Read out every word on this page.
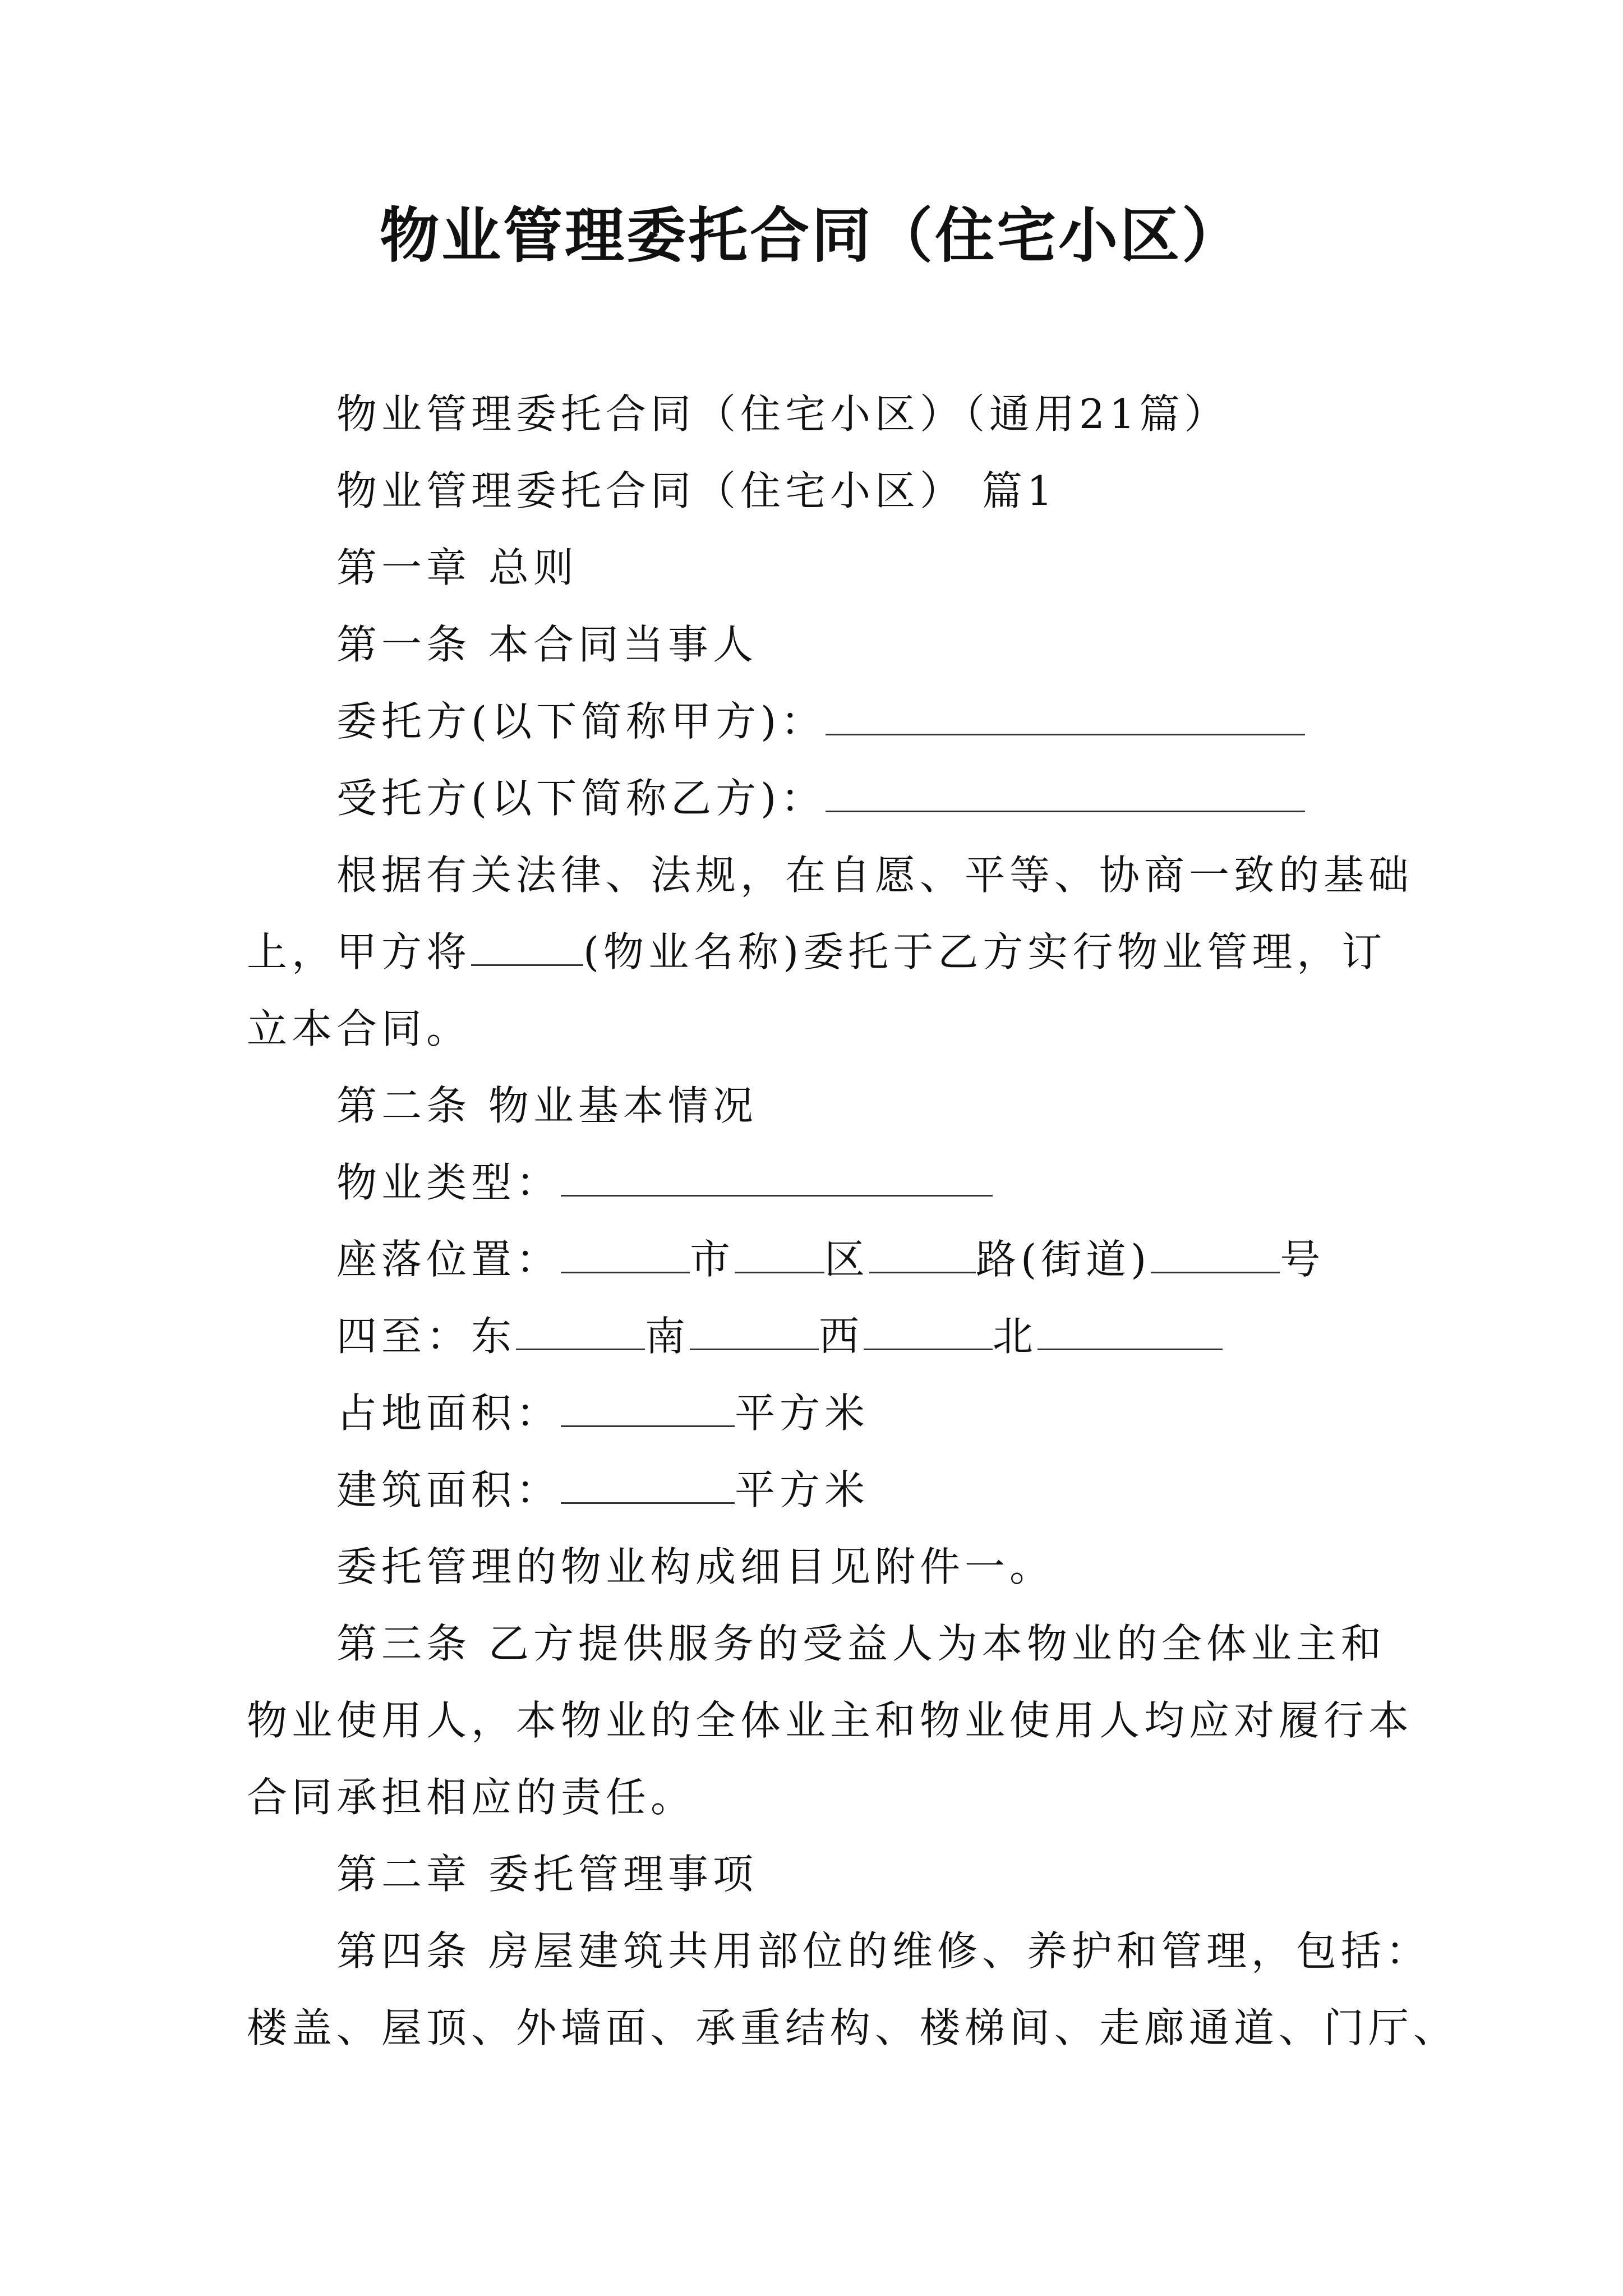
物业管理委托合同（住宅小区）
物业管理委托合同（住宅小区）（通用21篇）
物业管理委托合同（住宅小区） 篇1
第一章 总则
第一条 本合同当事人
委托方(以下简称甲方)：
受托方(以下简称乙方)：
根据有关法律、法规，在自愿、平等、协商一致的基础
上，甲方将	(物业名称)委托于乙方实行物业管理，订
立本合同。
第二条 物业基本情况
物业类型：
座落位置：	市 区	路(街道)	号
四至：东	南	西	北
占地面积：	平方米
建筑面积：	平方米
委托管理的物业构成细目见附件一。
第三条 乙方提供服务的受益人为本物业的全体业主和
物业使用人，本物业的全体业主和物业使用人均应对履行本
合同承担相应的责任。
第二章 委托管理事项
第四条 房屋建筑共用部位的维修、养护和管理，包括：
楼盖、屋顶、外墙面、承重结构、楼梯间、走廊通道、门厅、
